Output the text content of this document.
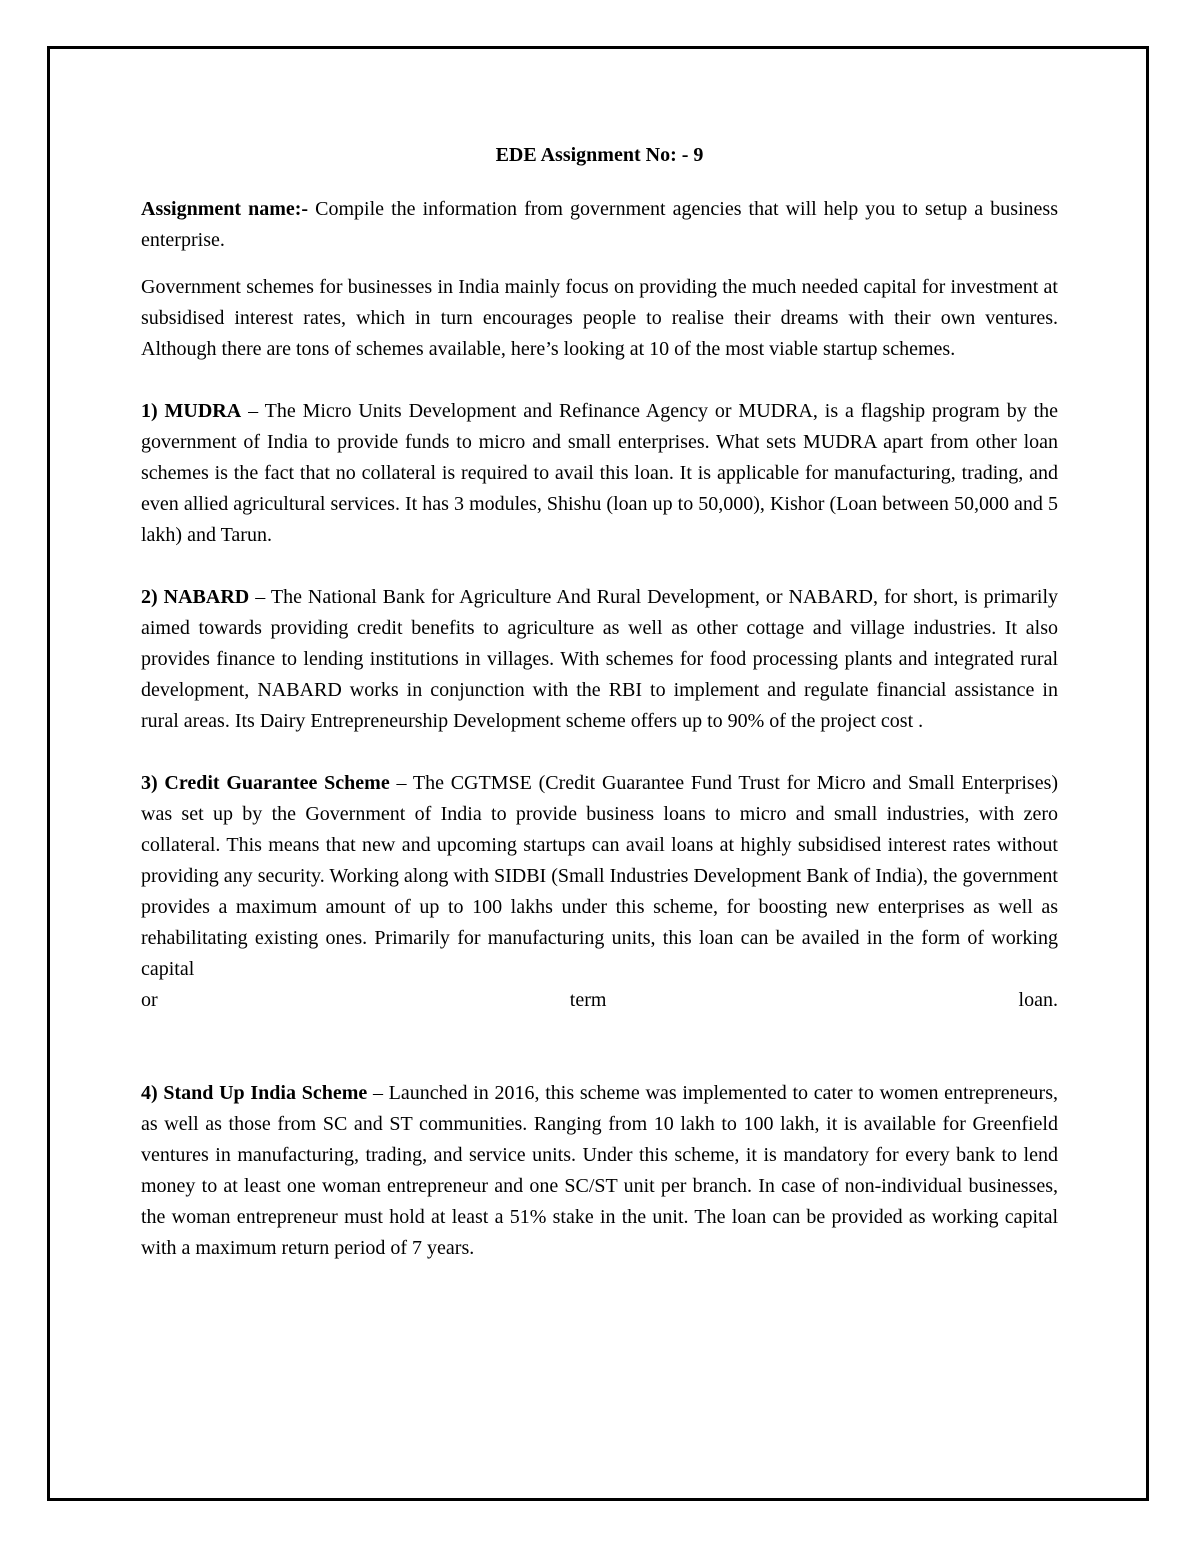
EDE Assignment No: - 9

Assignment name:- Compile the information from government agencies that will help you to setup a business enterprise.

Government schemes for businesses in India mainly focus on providing the much needed capital for investment at subsidised interest rates, which in turn encourages people to realise their dreams with their own ventures. Although there are tons of schemes available, here’s looking at 10 of the most viable startup schemes.

1) MUDRA – The Micro Units Development and Refinance Agency or MUDRA, is a flagship program by the government of India to provide funds to micro and small enterprises. What sets MUDRA apart from other loan schemes is the fact that no collateral is required to avail this loan. It is applicable for manufacturing, trading, and even allied agricultural services. It has 3 modules, Shishu (loan up to 50,000), Kishor (Loan between 50,000 and 5 lakh) and Tarun.

2) NABARD – The National Bank for Agriculture And Rural Development, or NABARD, for short, is primarily aimed towards providing credit benefits to agriculture as well as other cottage and village industries. It also provides finance to lending institutions in villages. With schemes for food processing plants and integrated rural development, NABARD works in conjunction with the RBI to implement and regulate financial assistance in rural areas. Its Dairy Entrepreneurship Development scheme offers up to 90% of the project cost .

3) Credit Guarantee Scheme – The CGTMSE (Credit Guarantee Fund Trust for Micro and Small Enterprises) was set up by the Government of India to provide business loans to micro and small industries, with zero collateral. This means that new and upcoming startups can avail loans at highly subsidised interest rates without providing any security. Working along with SIDBI (Small Industries Development Bank of India), the government provides a maximum amount of up to 100 lakhs under this scheme, for boosting new enterprises as well as rehabilitating existing ones. Primarily for manufacturing units, this loan can be availed in the form of working capital

or	term	loan.

4) Stand Up India Scheme – Launched in 2016, this scheme was implemented to cater to women entrepreneurs, as well as those from SC and ST communities. Ranging from 10 lakh to 100 lakh, it is available for Greenfield ventures in manufacturing, trading, and service units. Under this scheme, it is mandatory for every bank to lend money to at least one woman entrepreneur and one SC/ST unit per branch. In case of non-individual businesses, the woman entrepreneur must hold at least a 51% stake in the unit. The loan can be provided as working capital with a maximum return period of 7 years.
